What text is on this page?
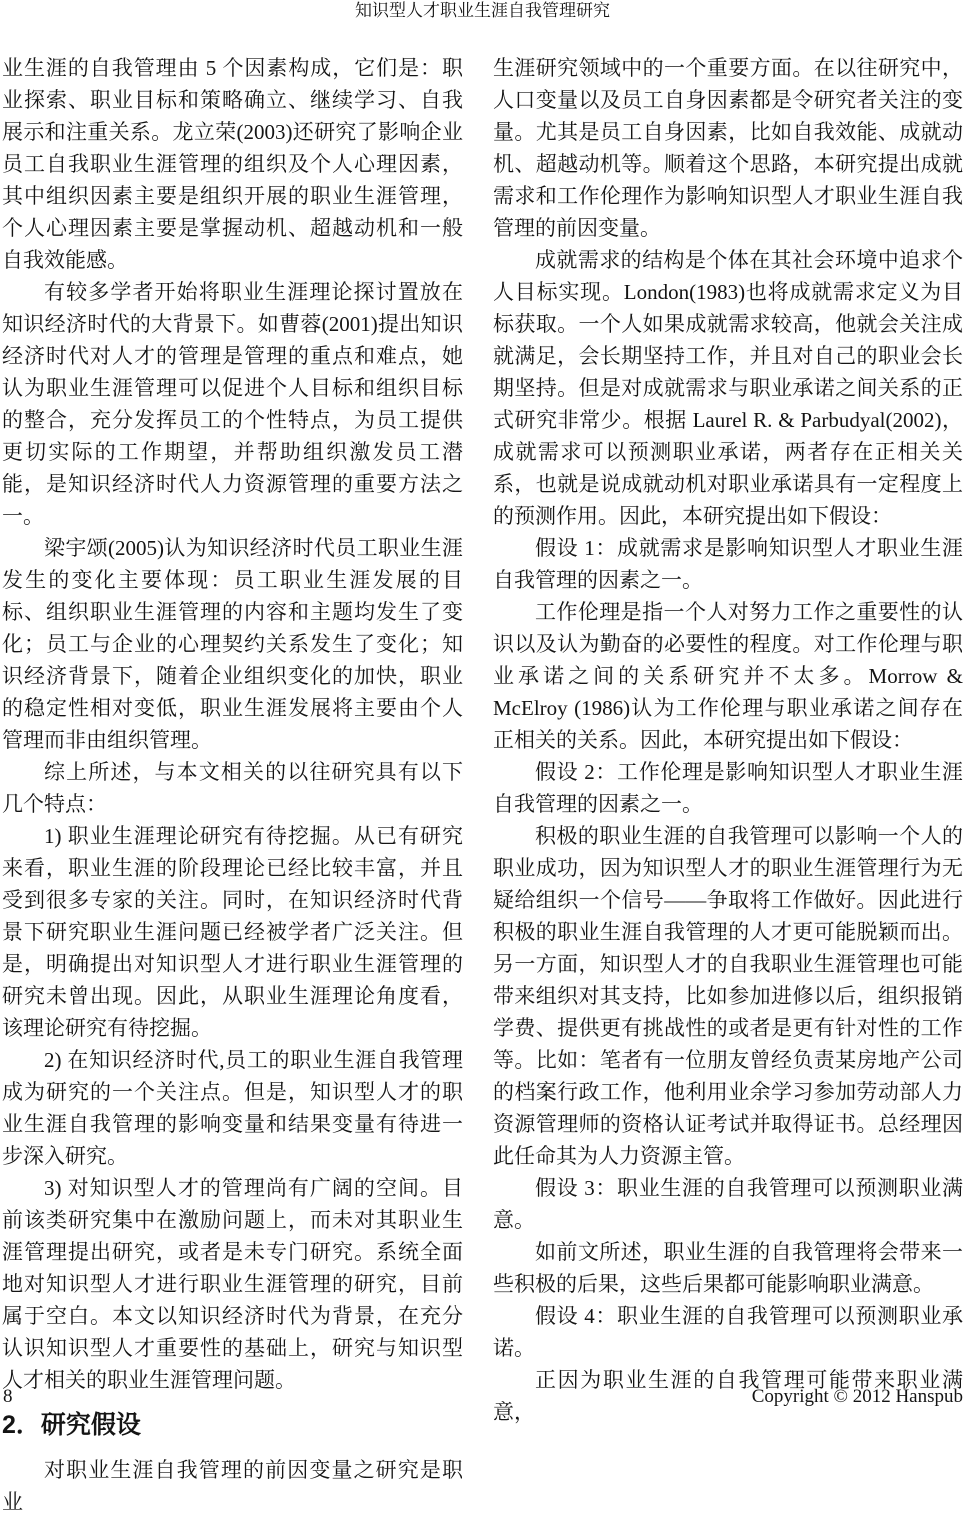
知识型人才职业生涯自我管理研究

业生涯的自我管理由 5 个因素构成，它们是：职业探索、职业目标和策略确立、继续学习、自我展示和注重关系。龙立荣(2003)还研究了影响企业员工自我职业生涯管理的组织及个人心理因素，其中组织因素主要是组织开展的职业生涯管理，个人心理因素主要是掌握动机、超越动机和一般自我效能感。

有较多学者开始将职业生涯理论探讨置放在知识经济时代的大背景下。如曹蓉(2001)提出知识经济时代对人才的管理是管理的重点和难点，她认为职业生涯管理可以促进个人目标和组织目标的整合，充分发挥员工的个性特点，为员工提供更切实际的工作期望，并帮助组织激发员工潜能，是知识经济时代人力资源管理的重要方法之一。

梁宇颂(2005)认为知识经济时代员工职业生涯发生的变化主要体现：员工职业生涯发展的目标、组织职业生涯管理的内容和主题均发生了变化；员工与企业的心理契约关系发生了变化；知识经济背景下，随着企业组织变化的加快，职业的稳定性相对变低，职业生涯发展将主要由个人管理而非由组织管理。

综上所述，与本文相关的以往研究具有以下几个特点：

1) 职业生涯理论研究有待挖掘。从已有研究来看，职业生涯的阶段理论已经比较丰富，并且受到很多专家的关注。同时，在知识经济时代背景下研究职业生涯问题已经被学者广泛关注。但是，明确提出对知识型人才进行职业生涯管理的研究未曾出现。因此，从职业生涯理论角度看，该理论研究有待挖掘。

2) 在知识经济时代,员工的职业生涯自我管理成为研究的一个关注点。但是，知识型人才的职业生涯自我管理的影响变量和结果变量有待进一步深入研究。

3) 对知识型人才的管理尚有广阔的空间。目前该类研究集中在激励问题上，而未对其职业生涯管理提出研究，或者是未专门研究。系统全面地对知识型人才进行职业生涯管理的研究，目前属于空白。本文以知识经济时代为背景，在充分认识知识型人才重要性的基础上，研究与知识型人才相关的职业生涯管理问题。

2．研究假设

对职业生涯自我管理的前因变量之研究是职业

生涯研究领域中的一个重要方面。在以往研究中，人口变量以及员工自身因素都是令研究者关注的变量。尤其是员工自身因素，比如自我效能、成就动机、超越动机等。顺着这个思路，本研究提出成就需求和工作伦理作为影响知识型人才职业生涯自我管理的前因变量。

成就需求的结构是个体在其社会环境中追求个人目标实现。London(1983)也将成就需求定义为目标获取。一个人如果成就需求较高，他就会关注成就满足，会长期坚持工作，并且对自己的职业会长期坚持。但是对成就需求与职业承诺之间关系的正式研究非常少。根据 Laurel R. & Parbudyal(2002)，成就需求可以预测职业承诺，两者存在正相关关系，也就是说成就动机对职业承诺具有一定程度上的预测作用。因此，本研究提出如下假设：

假设 1：成就需求是影响知识型人才职业生涯自我管理的因素之一。

工作伦理是指一个人对努力工作之重要性的认识以及认为勤奋的必要性的程度。对工作伦理与职业承诺之间的关系研究并不太多。Morrow & McElroy (1986)认为工作伦理与职业承诺之间存在正相关的关系。因此，本研究提出如下假设：

假设 2：工作伦理是影响知识型人才职业生涯自我管理的因素之一。

积极的职业生涯的自我管理可以影响一个人的职业成功，因为知识型人才的职业生涯管理行为无疑给组织一个信号——争取将工作做好。因此进行积极的职业生涯自我管理的人才更可能脱颖而出。另一方面，知识型人才的自我职业生涯管理也可能带来组织对其支持，比如参加进修以后，组织报销学费、提供更有挑战性的或者是更有针对性的工作等。比如：笔者有一位朋友曾经负责某房地产公司的档案行政工作，他利用业余学习参加劳动部人力资源管理师的资格认证考试并取得证书。总经理因此任命其为人力资源主管。

假设 3：职业生涯的自我管理可以预测职业满意。

如前文所述，职业生涯的自我管理将会带来一些积极的后果，这些后果都可能影响职业满意。

假设 4：职业生涯的自我管理可以预测职业承诺。

正因为职业生涯的自我管理可能带来职业满意，

8	Copyright © 2012 Hanspub
